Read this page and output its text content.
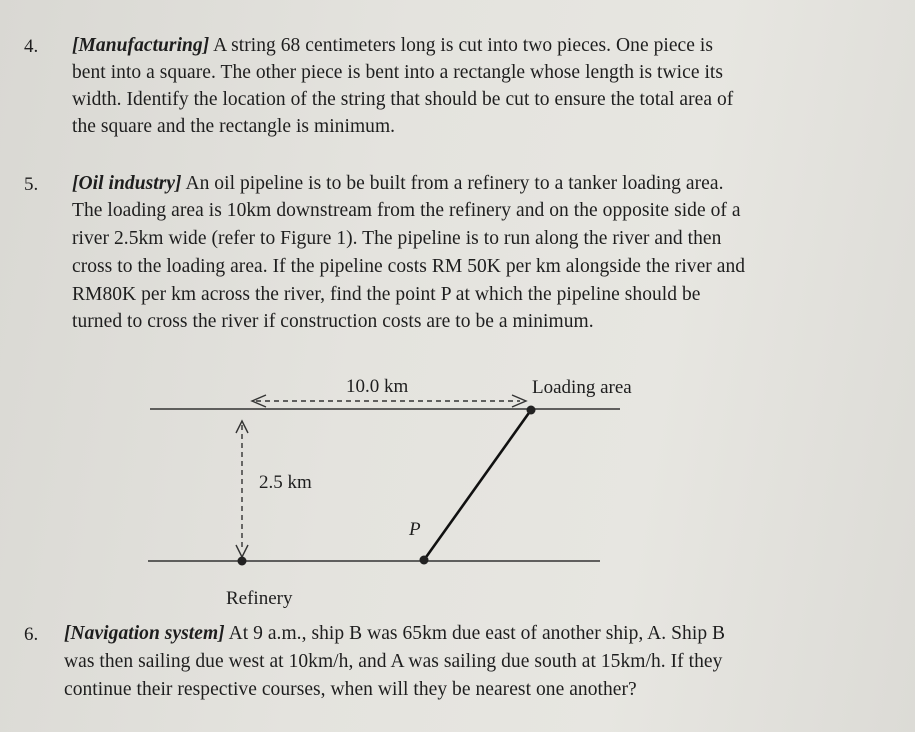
4. [Manufacturing] A string 68 centimeters long is cut into two pieces. One piece is
bent into a square. The other piece is bent into a rectangle whose length is twice its
width. Identify the location of the string that should be cut to ensure the total area of
the square and the rectangle is minimum.
5. [Oil industry] An oil pipeline is to be built from a refinery to a tanker loading area.
The loading area is 10km downstream from the refinery and on the opposite side of a
river 2.5km wide (refer to Figure 1). The pipeline is to run along the river and then
cross to the loading area. If the pipeline costs RM 50K per km alongside the river and
RM80K per km across the river, find the point P at which the pipeline should be
turned to cross the river if construction costs are to be a minimum.
10.0 km	Loading area
2.5 km
P
Refinery
6. [Navigation system] At 9 a.m., ship B was 65km due east of another ship, A. Ship B
was then sailing due west at 10km/h, and A was sailing due south at 15km/h. If they
continue their respective courses, when will they be nearest one another?
